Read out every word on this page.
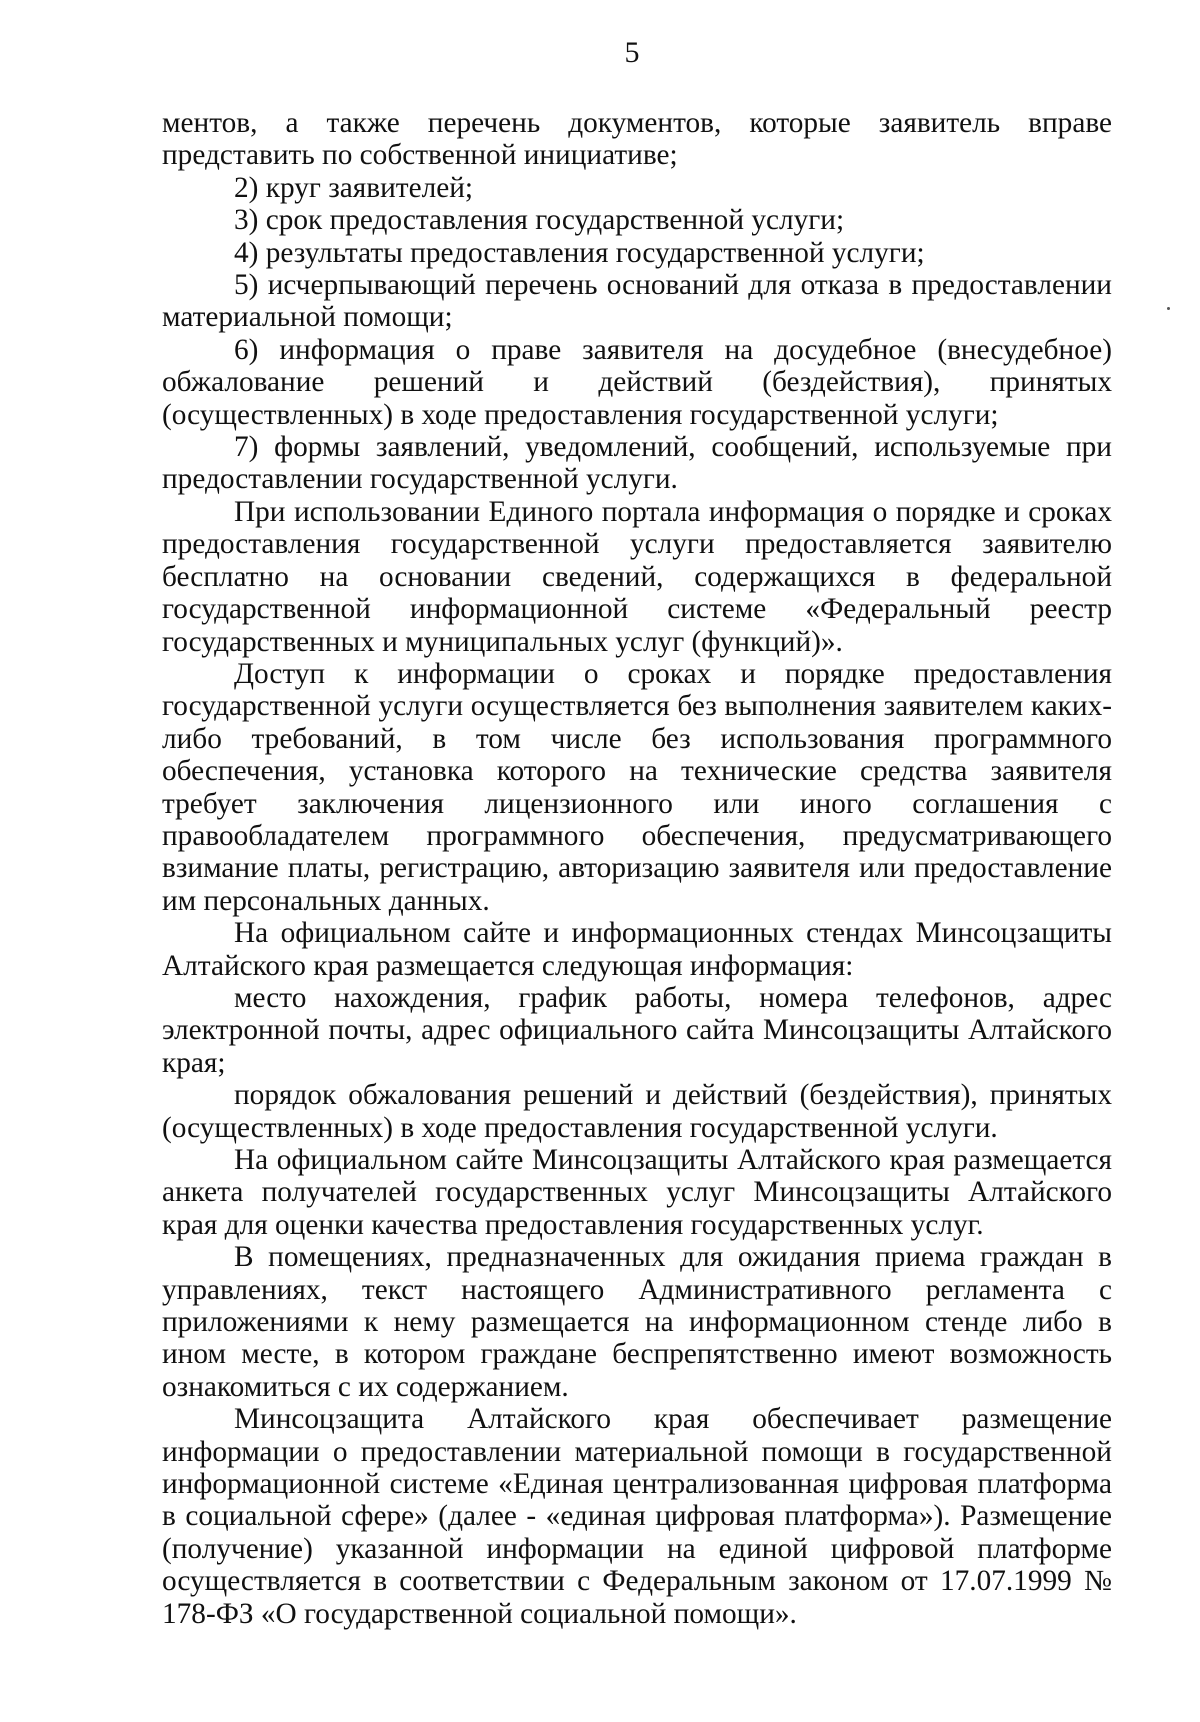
5

ментов, а также перечень документов, которые заявитель вправе представить по собственной инициативе;

2) круг заявителей;

3) срок предоставления государственной услуги;

4) результаты предоставления государственной услуги;

5) исчерпывающий перечень оснований для отказа в предоставлении материальной помощи;

6) информация о праве заявителя на досудебное (внесудебное) обжалование решений и действий (бездействия), принятых (осуществленных) в ходе предоставления государственной услуги;

7) формы заявлений, уведомлений, сообщений, используемые при предоставлении государственной услуги.

При использовании Единого портала информация о порядке и сроках предоставления государственной услуги предоставляется заявителю бесплатно на основании сведений, содержащихся в федеральной государственной информационной системе «Федеральный реестр государственных и муниципальных услуг (функций)».

Доступ к информации о сроках и порядке предоставления государственной услуги осуществляется без выполнения заявителем каких-либо требований, в том числе без использования программного обеспечения, установка которого на технические средства заявителя требует заключения лицензионного или иного соглашения с правообладателем программного обеспечения, предусматривающего взимание платы, регистрацию, авторизацию заявителя или предоставление им персональных данных.

На официальном сайте и информационных стендах Минсоцзащиты Алтайского края размещается следующая информация:

место нахождения, график работы, номера телефонов, адрес электронной почты, адрес официального сайта Минсоцзащиты Алтайского края;

порядок обжалования решений и действий (бездействия), принятых (осуществленных) в ходе предоставления государственной услуги.

На официальном сайте Минсоцзащиты Алтайского края размещается анкета получателей государственных услуг Минсоцзащиты Алтайского края для оценки качества предоставления государственных услуг.

В помещениях, предназначенных для ожидания приема граждан в управлениях, текст настоящего Административного регламента с приложениями к нему размещается на информационном стенде либо в ином месте, в котором граждане беспрепятственно имеют возможность ознакомиться с их содержанием.

Минсоцзащита Алтайского края обеспечивает размещение информации о предоставлении материальной помощи в государственной информационной системе «Единая централизованная цифровая платформа в социальной сфере» (далее - «единая цифровая платформа»). Размещение (получение) указанной информации на единой цифровой платформе осуществляется в соответствии с Федеральным законом от 17.07.1999 № 178-ФЗ «О государственной социальной помощи».
